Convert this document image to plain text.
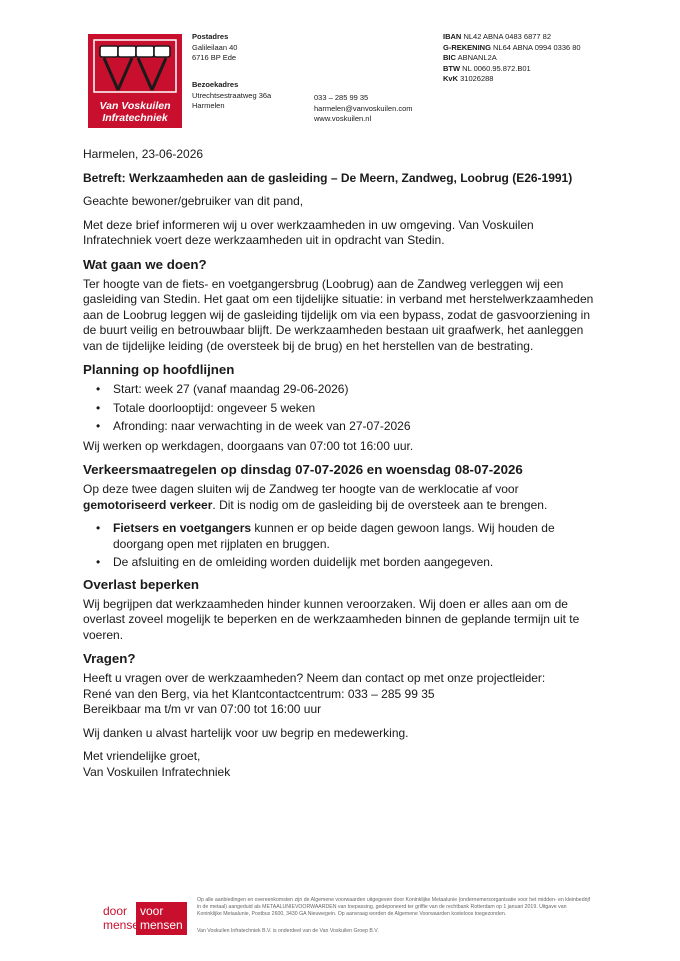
Van Voskuilen
Infratechniek
Postadres
Galileilaan 40
6716 BP Ede
Bezoekadres
Utrechtsestraatweg 36a
Harmelen
033 – 285 99 35
harmelen@vanvoskuilen.com
www.voskuilen.nl
IBAN NL42 ABNA 0483 6877 82
G-REKENING NL64 ABNA 0994 0336 80
BIC ABNANL2A
BTW NL 0060.95.872.B01
KvK 31026288
Harmelen, 23-06-2026
Betreft: Werkzaamheden aan de gasleiding – De Meern, Zandweg, Loobrug (E26-1991)
Geachte bewoner/gebruiker van dit pand,
Met deze brief informeren wij u over werkzaamheden in uw omgeving. Van Voskuilen Infratechniek voert deze werkzaamheden uit in opdracht van Stedin.
Wat gaan we doen?
Ter hoogte van de fiets- en voetgangersbrug (Loobrug) aan de Zandweg verleggen wij een gasleiding van Stedin. Het gaat om een tijdelijke situatie: in verband met herstelwerkzaamheden aan de Loobrug leggen wij de gasleiding tijdelijk om via een bypass, zodat de gasvoorziening in de buurt veilig en betrouwbaar blijft. De werkzaamheden bestaan uit graafwerk, het aanleggen van de tijdelijke leiding (de oversteek bij de brug) en het herstellen van de bestrating.
Planning op hoofdlijnen
• Start: week 27 (vanaf maandag 29-06-2026)
• Totale doorlooptijd: ongeveer 5 weken
• Afronding: naar verwachting in de week van 27-07-2026
Wij werken op werkdagen, doorgaans van 07:00 tot 16:00 uur.
Verkeersmaatregelen op dinsdag 07-07-2026 en woensdag 08-07-2026
Op deze twee dagen sluiten wij de Zandweg ter hoogte van de werklocatie af voor gemotoriseerd verkeer. Dit is nodig om de gasleiding bij de oversteek aan te brengen.
• Fietsers en voetgangers kunnen er op beide dagen gewoon langs. Wij houden de doorgang open met rijplaten en bruggen.
• De afsluiting en de omleiding worden duidelijk met borden aangegeven.
Overlast beperken
Wij begrijpen dat werkzaamheden hinder kunnen veroorzaken. Wij doen er alles aan om de overlast zoveel mogelijk te beperken en de werkzaamheden binnen de geplande termijn uit te voeren.
Vragen?
Heeft u vragen over de werkzaamheden? Neem dan contact op met onze projectleider:
René van den Berg, via het Klantcontactcentrum: 033 – 285 99 35
Bereikbaar ma t/m vr van 07:00 tot 16:00 uur
Wij danken u alvast hartelijk voor uw begrip en medewerking.
Met vriendelijke groet,
Van Voskuilen Infratechniek
door
mensen
voor
mensen
Op alle aanbiedingen en overeenkomsten zijn de Algemene voorwaarden uitgegeven door Koninklijke Metaalunie (ondernemersorganisatie voor het midden- en kleinbedrijf in de metaal) aangeduid als METAALUNIEVOORWAARDEN van toepassing, gedeponeerd ter griffie van de rechtbank Rotterdam op 1 januari 2019. Uitgave van Koninklijke Metaalunie, Postbus 2600, 3430 GA Nieuwegein. Op aanvraag worden de Algemene Voorwaarden kosteloos toegezonden.
Van Voskuilen Infratechniek B.V. is onderdeel van de Van Voskuilen Groep B.V.
